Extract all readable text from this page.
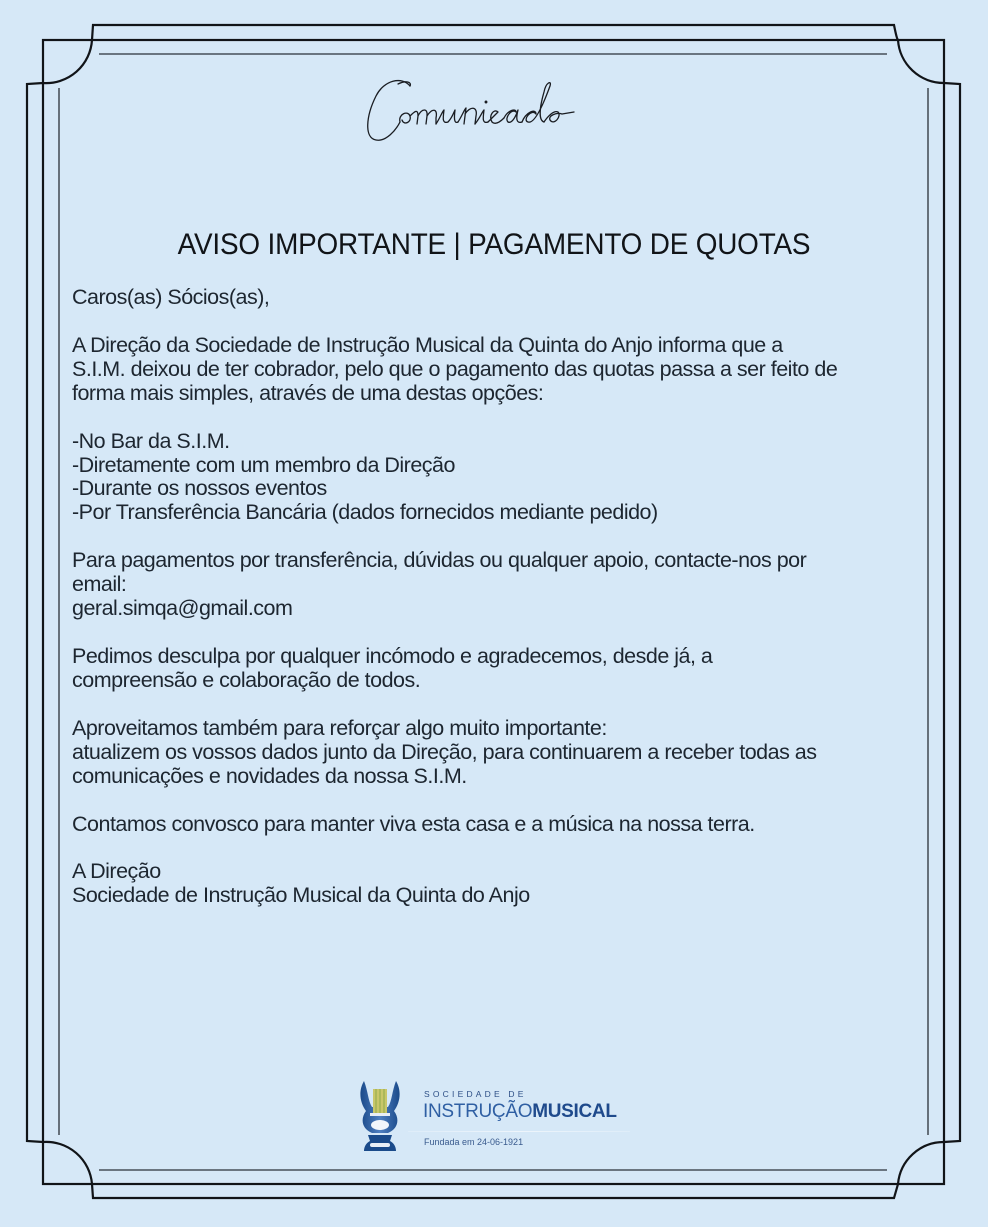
AVISO IMPORTANTE | PAGAMENTO DE QUOTAS

Caros(as) Sócios(as),

A Direção da Sociedade de Instrução Musical da Quinta do Anjo informa que a
S.I.M. deixou de ter cobrador, pelo que o pagamento das quotas passa a ser feito de
forma mais simples, através de uma destas opções:

-No Bar da S.I.M.
-Diretamente com um membro da Direção
-Durante os nossos eventos
-Por Transferência Bancária (dados fornecidos mediante pedido)

Para pagamentos por transferência, dúvidas ou qualquer apoio, contacte-nos por
email:
geral.simqa@gmail.com

Pedimos desculpa por qualquer incómodo e agradecemos, desde já, a
compreensão e colaboração de todos.

Aproveitamos também para reforçar algo muito importante:
atualizem os vossos dados junto da Direção, para continuarem a receber todas as
comunicações e novidades da nossa S.I.M.

Contamos convosco para manter viva esta casa e a música na nossa terra.

A Direção
Sociedade de Instrução Musical da Quinta do Anjo

SOCIEDADE DE
INSTRUÇÃOMUSICAL
Fundada em 24-06-1921
